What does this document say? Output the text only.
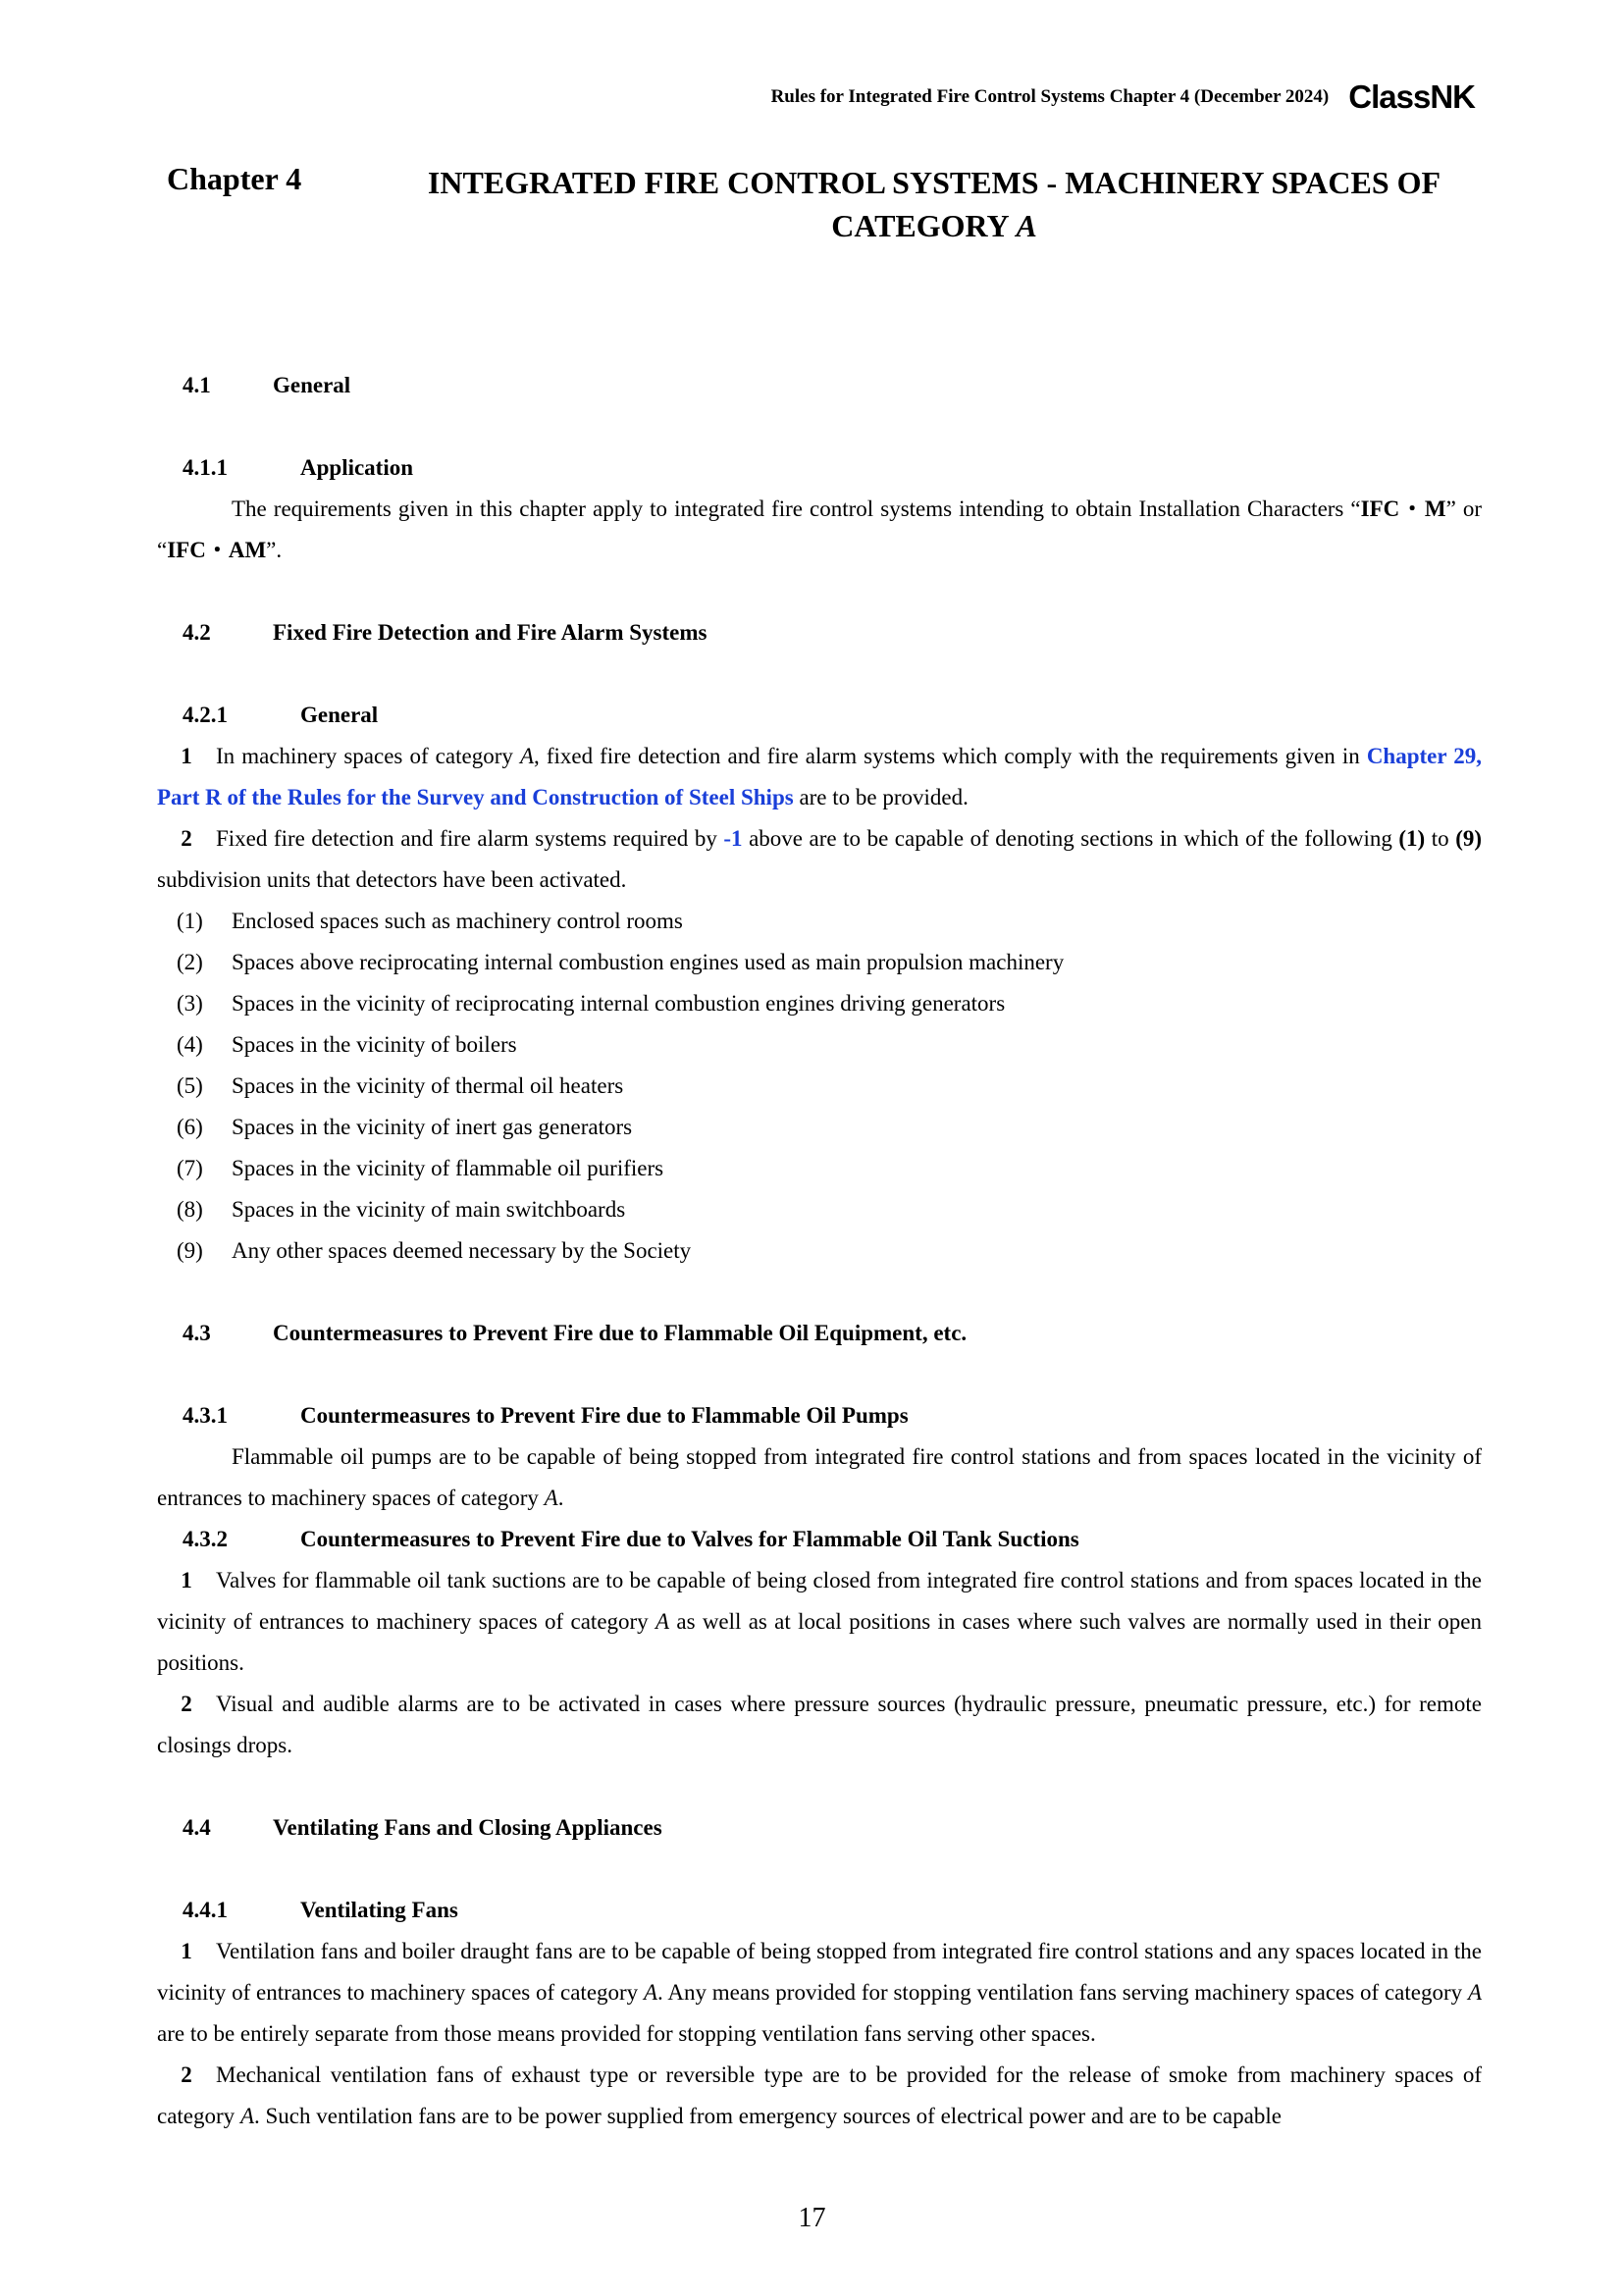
Rules for Integrated Fire Control Systems Chapter 4 (December 2024) ClassNK
Chapter 4	INTEGRATED FIRE CONTROL SYSTEMS - MACHINERY SPACES OF
CATEGORY A
4.1	General
4.1.1	Application
The requirements given in this chapter apply to integrated fire control systems intending to obtain Installation Characters “IFC・M” or “IFC・AM”.
4.2	Fixed Fire Detection and Fire Alarm Systems
4.2.1	General
1 In machinery spaces of category A, fixed fire detection and fire alarm systems which comply with the requirements given in Chapter 29, Part R of the Rules for the Survey and Construction of Steel Ships are to be provided.
2 Fixed fire detection and fire alarm systems required by -1 above are to be capable of denoting sections in which of the following (1) to (9) subdivision units that detectors have been activated.
(1) Enclosed spaces such as machinery control rooms
(2) Spaces above reciprocating internal combustion engines used as main propulsion machinery
(3) Spaces in the vicinity of reciprocating internal combustion engines driving generators
(4) Spaces in the vicinity of boilers
(5) Spaces in the vicinity of thermal oil heaters
(6) Spaces in the vicinity of inert gas generators
(7) Spaces in the vicinity of flammable oil purifiers
(8) Spaces in the vicinity of main switchboards
(9) Any other spaces deemed necessary by the Society
4.3	Countermeasures to Prevent Fire due to Flammable Oil Equipment, etc.
4.3.1	Countermeasures to Prevent Fire due to Flammable Oil Pumps
Flammable oil pumps are to be capable of being stopped from integrated fire control stations and from spaces located in the vicinity of entrances to machinery spaces of category A.
4.3.2	Countermeasures to Prevent Fire due to Valves for Flammable Oil Tank Suctions
1 Valves for flammable oil tank suctions are to be capable of being closed from integrated fire control stations and from spaces located in the vicinity of entrances to machinery spaces of category A as well as at local positions in cases where such valves are normally used in their open positions.
2 Visual and audible alarms are to be activated in cases where pressure sources (hydraulic pressure, pneumatic pressure, etc.) for remote closings drops.
4.4	Ventilating Fans and Closing Appliances
4.4.1	Ventilating Fans
1 Ventilation fans and boiler draught fans are to be capable of being stopped from integrated fire control stations and any spaces located in the vicinity of entrances to machinery spaces of category A. Any means provided for stopping ventilation fans serving machinery spaces of category A are to be entirely separate from those means provided for stopping ventilation fans serving other spaces.
2 Mechanical ventilation fans of exhaust type or reversible type are to be provided for the release of smoke from machinery spaces of category A. Such ventilation fans are to be power supplied from emergency sources of electrical power and are to be capable
17
